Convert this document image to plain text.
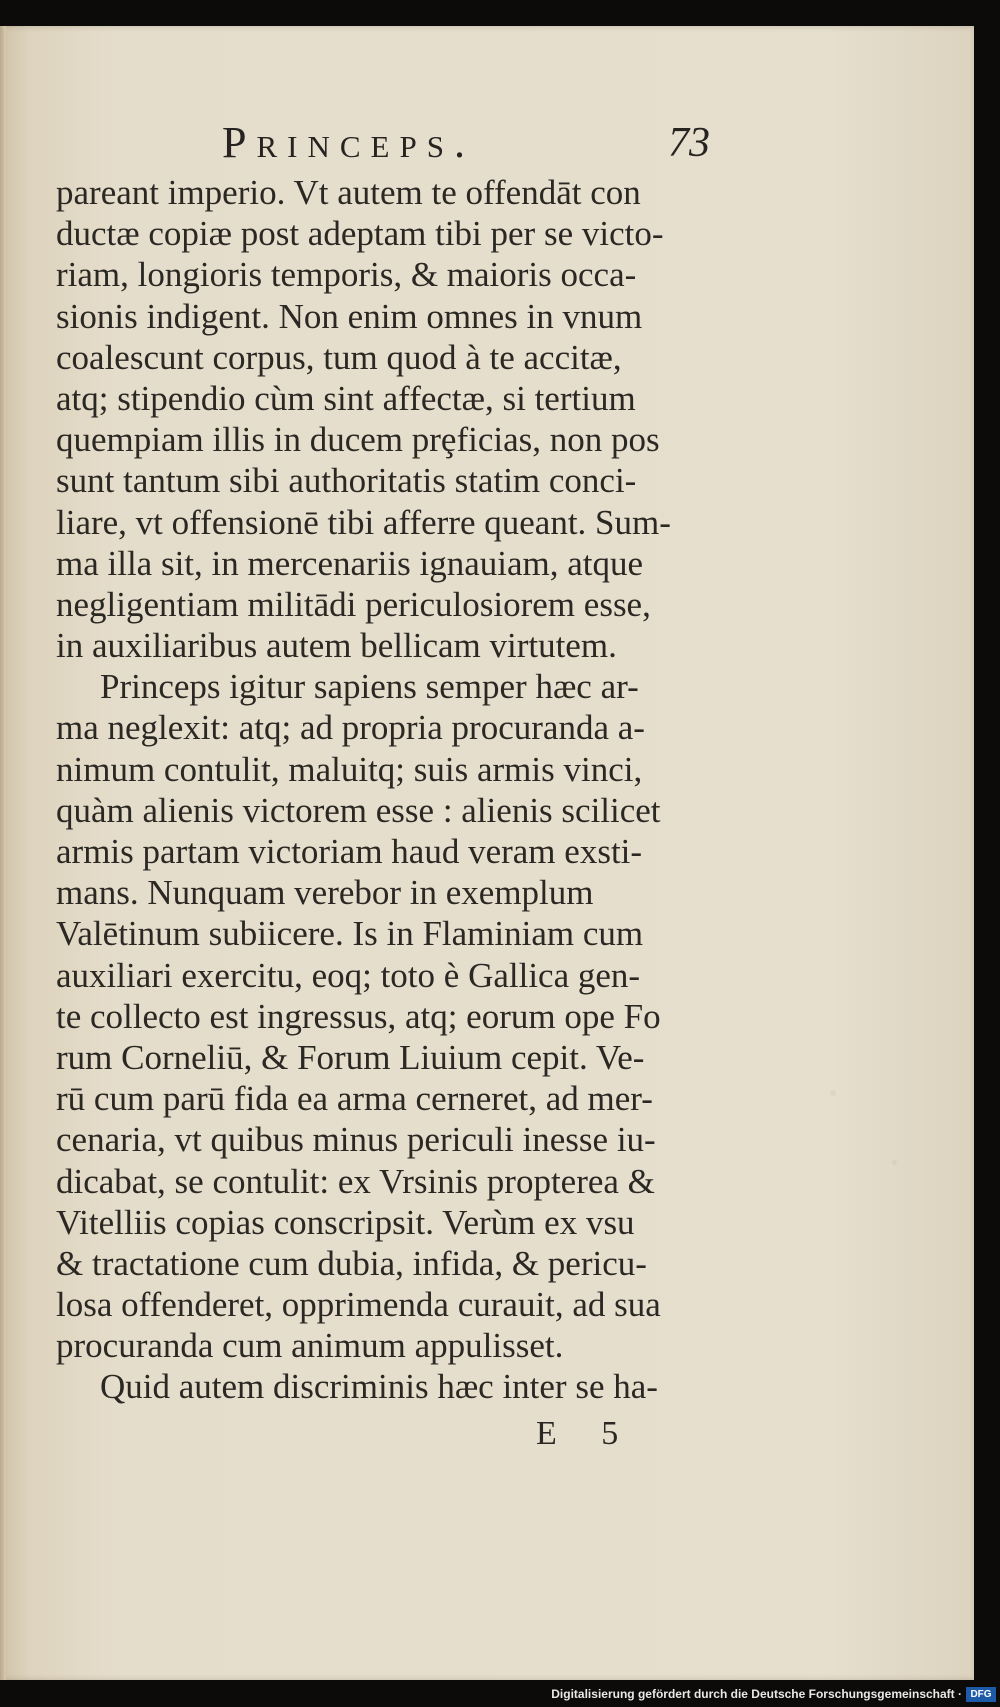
Princeps.	73
pareant imperio. Vt autem te offendāt con
ductæ copiæ post adeptam tibi per se victo-
riam, longioris temporis, & maioris occa-
sionis indigent. Non enim omnes in vnum
coalescunt corpus, tum quod à te accitæ,
atq; stipendio cùm sint affectæ, si tertium
quempiam illis in ducem prȩficias, non pos
sunt tantum sibi authoritatis statim conci-
liare, vt offensionē tibi afferre queant. Sum-
ma illa sit, in mercenariis ignauiam, atque
negligentiam militādi periculosiorem esse,
in auxiliaribus autem bellicam virtutem.
Princeps igitur sapiens semper hæc ar-
ma neglexit: atq; ad propria procuranda a-
nimum contulit, maluitq; suis armis vinci,
quàm alienis victorem esse : alienis scilicet
armis partam victoriam haud veram exsti-
mans. Nunquam verebor in exemplum
Valētinum subiicere. Is in Flaminiam cum
auxiliari exercitu, eoq; toto è Gallica gen-
te collecto est ingressus, atq; eorum ope Fo
rum Corneliū, & Forum Liuium cepit. Ve-
rū cum parū fida ea arma cerneret, ad mer-
cenaria, vt quibus minus periculi inesse iu-
dicabat, se contulit: ex Vrsinis propterea &
Vitelliis copias conscripsit. Verùm ex vsu
& tractatione cum dubia, infida, & pericu-
losa offenderet, opprimenda curauit, ad sua
procuranda cum animum appulisset.
Quid autem discriminis hæc inter se ha-
E 5
Digitalisierung gefördert durch die Deutsche Forschungsgemeinschaft · DFG
